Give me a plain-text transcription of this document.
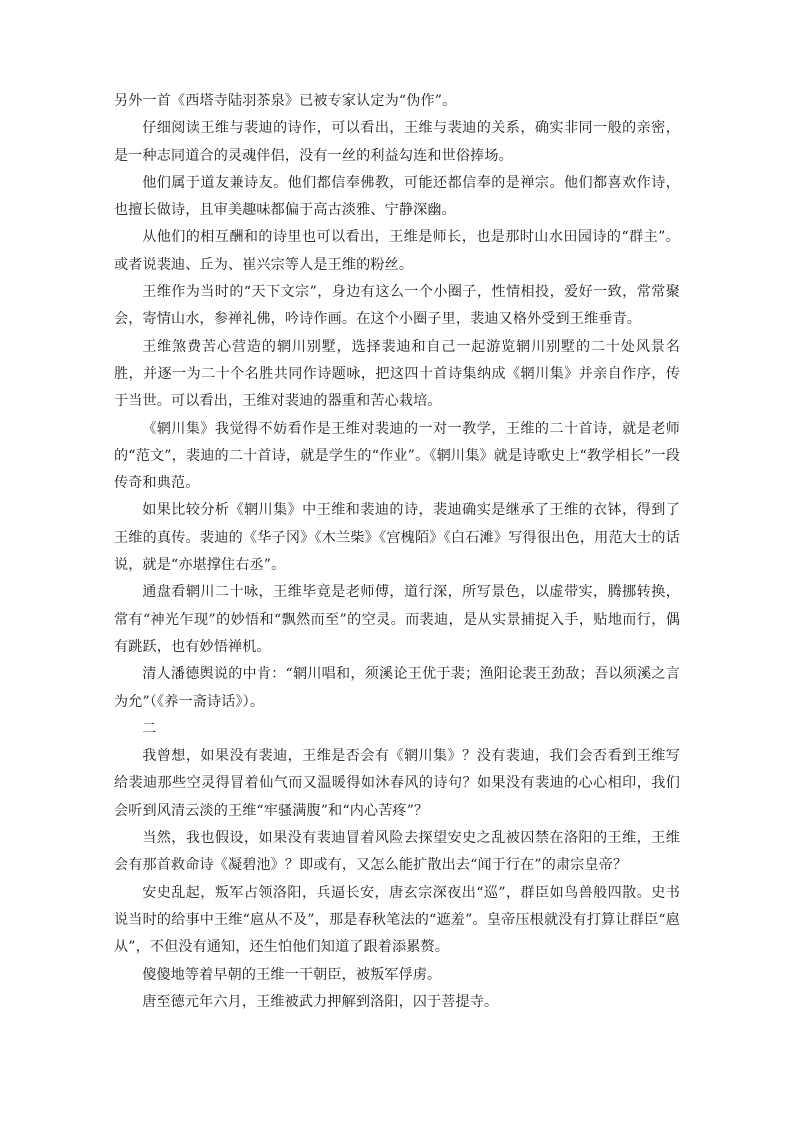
另外一首《西塔寺陆羽茶泉》已被专家认定为“伪作”。

仔细阅读王维与裴迪的诗作，可以看出，王维与裴迪的关系，确实非同一般的亲密，是一种志同道合的灵魂伴侣，没有一丝的利益勾连和世俗捧场。

他们属于道友兼诗友。他们都信奉佛教，可能还都信奉的是禅宗。他们都喜欢作诗，也擅长做诗，且审美趣味都偏于高古淡雅、宁静深幽。

从他们的相互酬和的诗里也可以看出，王维是师长，也是那时山水田园诗的“群主”。或者说裴迪、丘为、崔兴宗等人是王维的粉丝。

王维作为当时的“天下文宗”，身边有这么一个小圈子，性情相投，爱好一致，常常聚会，寄情山水，参禅礼佛，吟诗作画。在这个小圈子里，裴迪又格外受到王维垂青。

王维煞费苦心营造的辋川别墅，选择裴迪和自己一起游览辋川别墅的二十处风景名胜，并逐一为二十个名胜共同作诗题咏，把这四十首诗集纳成《辋川集》并亲自作序，传于当世。可以看出，王维对裴迪的器重和苦心栽培。

《辋川集》我觉得不妨看作是王维对裴迪的一对一教学，王维的二十首诗，就是老师的“范文”，裴迪的二十首诗，就是学生的“作业”。《辋川集》就是诗歌史上“教学相长”一段传奇和典范。

如果比较分析《辋川集》中王维和裴迪的诗，裴迪确实是继承了王维的衣钵，得到了王维的真传。裴迪的《华子冈》《木兰柴》《宫槐陌》《白石滩》写得很出色，用范大士的话说，就是“亦堪撑住右丞”。

通盘看辋川二十咏，王维毕竟是老师傅，道行深，所写景色，以虚带实，腾挪转换，常有“神光乍现”的妙悟和“飘然而至”的空灵。而裴迪，是从实景捕捉入手，贴地而行，偶有跳跃，也有妙悟禅机。

清人潘德舆说的中肯：“辋川唱和，须溪论王优于裴；渔阳论裴王劲敌；吾以须溪之言为允”（《养一斋诗话》）。

二

我曾想，如果没有裴迪，王维是否会有《辋川集》？没有裴迪，我们会否看到王维写给裴迪那些空灵得冒着仙气而又温暖得如沐春风的诗句？如果没有裴迪的心心相印，我们会听到风清云淡的王维“牢骚满腹”和“内心苦疼”？

当然，我也假设，如果没有裴迪冒着风险去探望安史之乱被囚禁在洛阳的王维，王维会有那首救命诗《凝碧池》？即或有，又怎么能扩散出去“闻于行在”的肃宗皇帝？

安史乱起，叛军占领洛阳，兵逼长安，唐玄宗深夜出“巡”，群臣如鸟兽般四散。史书说当时的给事中王维“扈从不及”，那是春秋笔法的“遮羞”。皇帝压根就没有打算让群臣“扈从”，不但没有通知，还生怕他们知道了跟着添累赘。

傻傻地等着早朝的王维一干朝臣，被叛军俘虏。

唐至德元年六月，王维被武力押解到洛阳，囚于菩提寺。
